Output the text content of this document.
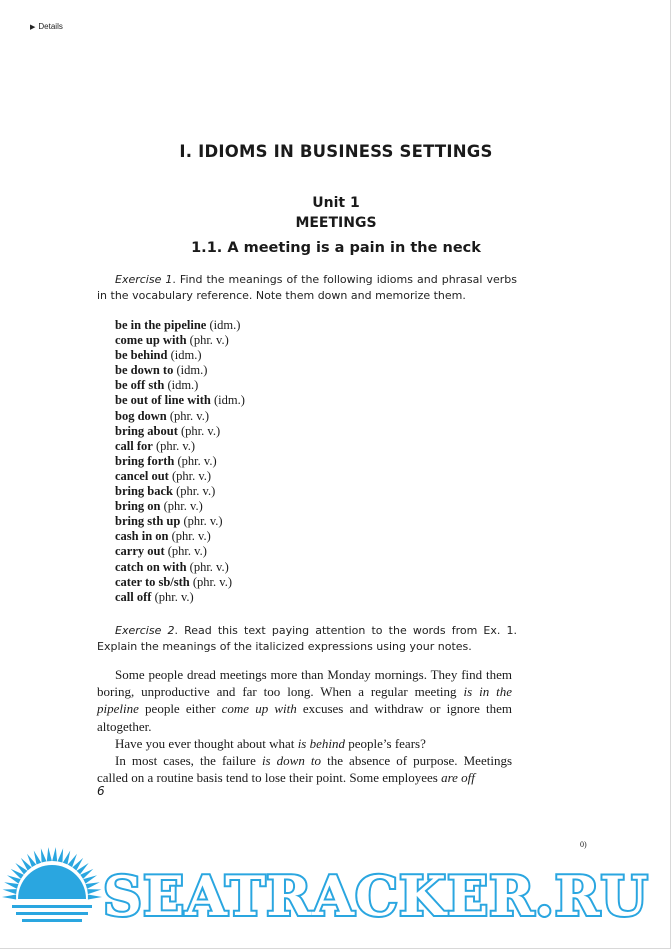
▶ Details
I. IDIOMS IN BUSINESS SETTINGS
Unit 1
MEETINGS
1.1. A meeting is a pain in the neck
Exercise 1. Find the meanings of the following idioms and phrasal verbs in the vocabulary reference. Note them down and memorize them.
be in the pipeline (idm.)
come up with (phr. v.)
be behind (idm.)
be down to (idm.)
be off sth (idm.)
be out of line with (idm.)
bog down (phr. v.)
bring about (phr. v.)
call for (phr. v.)
bring forth (phr. v.)
cancel out (phr. v.)
bring back (phr. v.)
bring on (phr. v.)
bring sth up (phr. v.)
cash in on (phr. v.)
carry out (phr. v.)
catch on with (phr. v.)
cater to sb/sth (phr. v.)
call off (phr. v.)
Exercise 2. Read this text paying attention to the words from Ex. 1. Explain the meanings of the italicized expressions using your notes.

Some people dread meetings more than Monday mornings. They find them boring, unproductive and far too long. When a regular meeting is in the pipeline people either come up with excuses and withdraw or ignore them altogether.

Have you ever thought about what is behind people’s fears?

In most cases, the failure is down to the absence of purpose. Meetings called on a routine basis tend to lose their point. Some employees are off

6
0)
SEATRACKER.RU
